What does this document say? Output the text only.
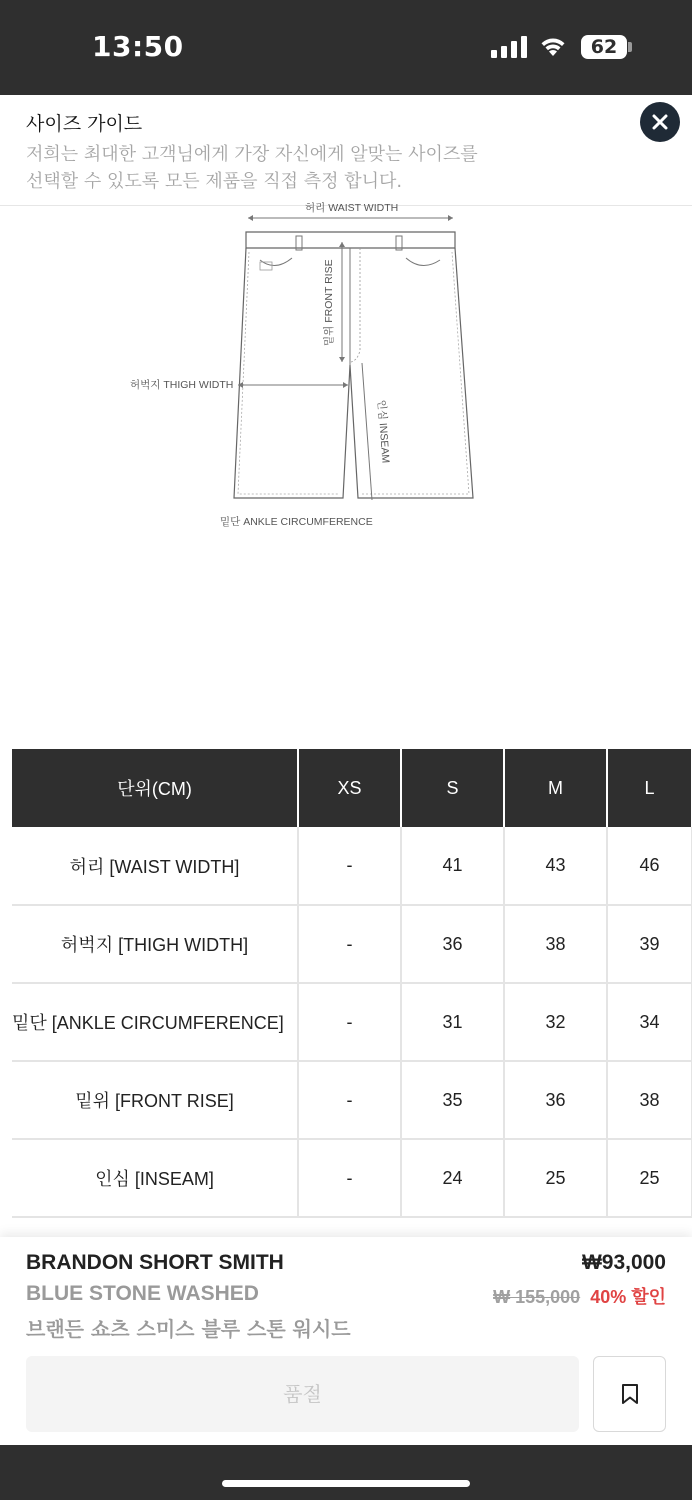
13:50	62
사이즈 가이드
저희는 최대한 고객님에게 가장 자신에게 알맞는 사이즈를 선택할 수 있도록 모든 제품을 직접 측정 합니다.
허리 WAIST WIDTH
밑위 FRONT RISE
허벅지 THIGH WIDTH
인심 INSEAM
밑단 ANKLE CIRCUMFERENCE
단위(CM)	XS	S	M	L
허리 [WAIST WIDTH]	-	41	43	46
허벅지 [THIGH WIDTH]	-	36	38	39
밑단 [ANKLE CIRCUMFERENCE]	-	31	32	34
밑위 [FRONT RISE]	-	35	36	38
인심 [INSEAM]	-	24	25	25
BRANDON SHORT SMITH
BLUE STONE WASHED
브랜든 쇼츠 스미스 블루 스톤 워시드
₩93,000
₩ 155,000 40% 할인
품절
